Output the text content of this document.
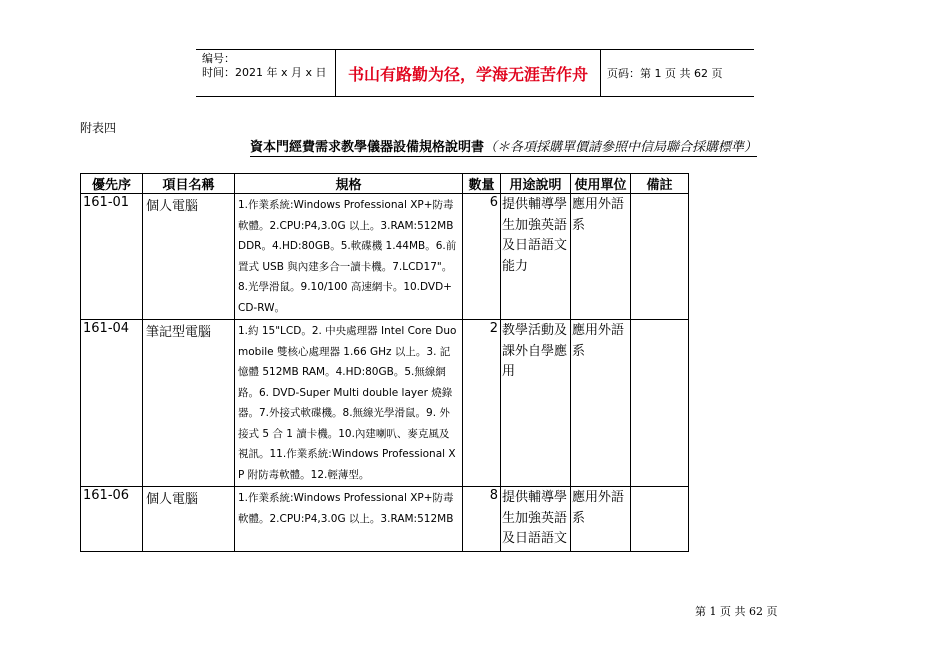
编号：
时间：2021 年 x 月 x 日	书山有路勤为径，学海无涯苦作舟	页码：第 1 页 共 62 页
附表四
資本門經費需求教學儀器設備規格說明書（＊各項採購單價請參照中信局聯合採購標準）
優先序	項目名稱	規格	數量	用途說明	使用單位	備註
161-01	個人電腦	1.作業系統:Windows Professional XP+防毒軟體。2.CPU:P4,3.0G 以上。3.RAM:512MB DDR。4.HD:80GB。5.軟碟機 1.44MB。6.前置式 USB 與內建多合一讀卡機。7.LCD17"。8.光學滑鼠。9.10/100 高速網卡。10.DVD+CD-RW。	6	提供輔導學生加強英語及日語語文能力	應用外語系	
161-04	筆記型電腦	1.約 15"LCD。2. 中央處理器 Intel Core Duo mobile 雙核心處理器 1.66 GHz 以上。3. 記憶體 512MB RAM。4.HD:80GB。5.無線網路。6. DVD-Super Multi double layer 燒錄器。7.外接式軟碟機。8.無線光學滑鼠。9. 外接式 5 合 1 讀卡機。10.內建喇叭、麥克風及視訊。11.作業系統:Windows Professional XP 附防毒軟體。12.輕薄型。	2	教學活動及課外自學應用	應用外語系	
161-06	個人電腦	1.作業系統:Windows Professional XP+防毒軟體。2.CPU:P4,3.0G 以上。3.RAM:512MB	8	提供輔導學生加強英語及日語語文	應用外語系	
第 1 页 共 62 页
